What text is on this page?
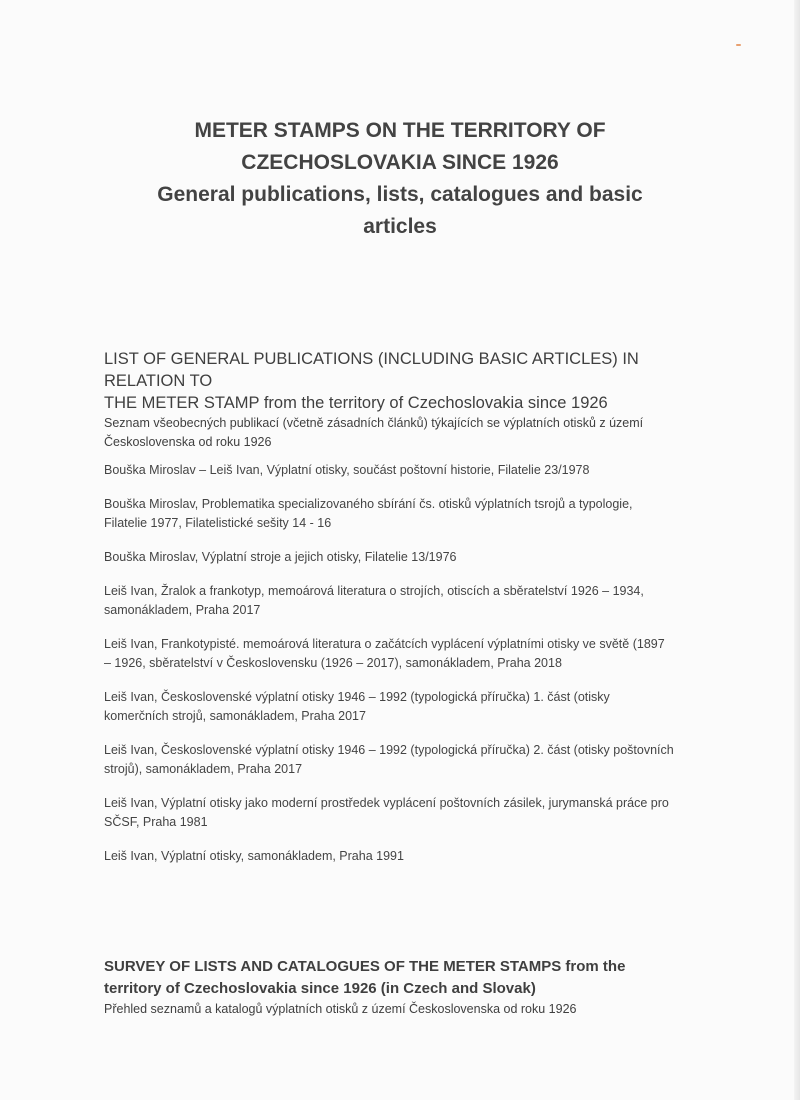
METER STAMPS ON THE TERRITORY OF
CZECHOSLOVAKIA SINCE 1926
General publications, lists, catalogues and basic
articles
LIST OF GENERAL PUBLICATIONS (INCLUDING BASIC ARTICLES) IN RELATION TO
THE METER STAMP from the territory of Czechoslovakia since 1926
Seznam všeobecných publikací (včetně zásadních článků) týkajících se výplatních otisků z území
Československa od roku 1926
Bouška Miroslav – Leiš Ivan, Výplatní otisky, součást poštovní historie, Filatelie 23/1978
Bouška Miroslav, Problematika specializovaného sbírání čs. otisků výplatních tsrojů a typologie,
Filatelie 1977, Filatelistické sešity 14 - 16
Bouška Miroslav, Výplatní stroje a jejich otisky, Filatelie 13/1976
Leiš Ivan, Žralok a frankotyp, memoárová literatura o strojích, otiscích a sběratelství 1926 – 1934,
samonákladem, Praha 2017
Leiš Ivan, Frankotypisté. memoárová literatura o začátcích vyplácení výplatními otisky ve světě (1897
– 1926, sběratelství v Československu (1926 – 2017), samonákladem, Praha 2018
Leiš Ivan, Československé výplatní otisky 1946 – 1992 (typologická příručka) 1. část (otisky
komerčních strojů, samonákladem, Praha 2017
Leiš Ivan, Československé výplatní otisky 1946 – 1992 (typologická příručka) 2. část (otisky poštovních
strojů), samonákladem, Praha 2017
Leiš Ivan, Výplatní otisky jako moderní prostředek vyplácení poštovních zásilek, jurymanská práce pro
SČSF, Praha 1981
Leiš Ivan, Výplatní otisky, samonákladem, Praha 1991
SURVEY OF LISTS AND CATALOGUES OF THE METER STAMPS from the
territory of Czechoslovakia since 1926 (in Czech and Slovak)
Přehled seznamů a katalogů výplatních otisků z území Československa od roku 1926
